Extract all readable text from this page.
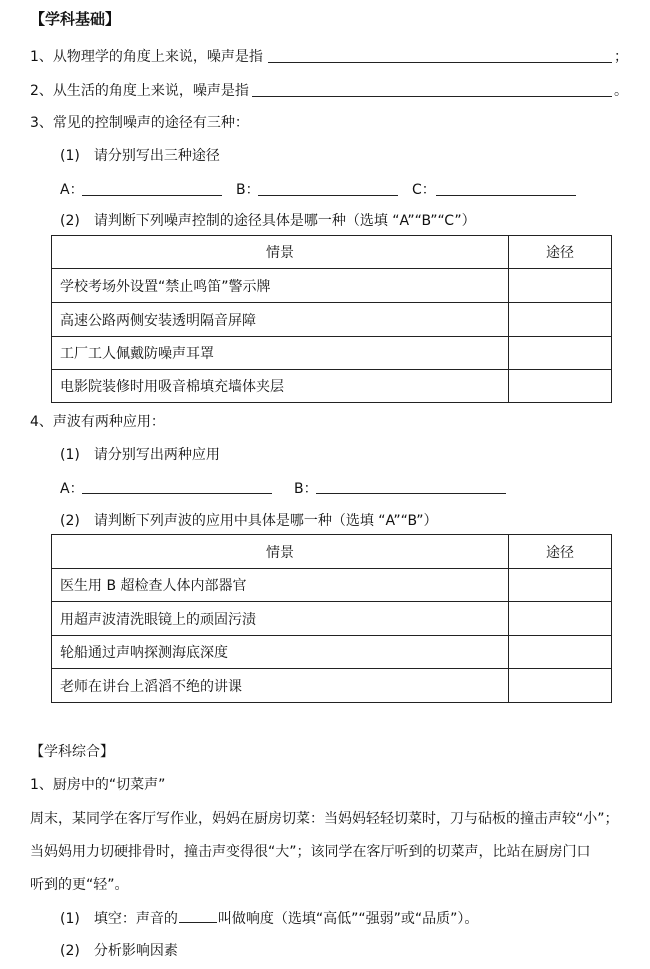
【学科基础】
1、从物理学的角度上来说，噪声是指	；
2、从生活的角度上来说，噪声是指	。
3、常见的控制噪声的途径有三种：
(1)　请分别写出三种途径
A：	B：	C：
(2)　请判断下列噪声控制的途径具体是哪一种（选填 “A”“B”“C”）
情景	途径
学校考场外设置“禁止鸣笛”警示牌	
高速公路两侧安装透明隔音屏障	
工厂工人佩戴防噪声耳罩	
电影院装修时用吸音棉填充墙体夹层	
4、声波有两种应用：
(1)　请分别写出两种应用
A：	B：
(2)　请判断下列声波的应用中具体是哪一种（选填 “A”“B”）
情景	途径
医生用 B 超检查人体内部器官	
用超声波清洗眼镜上的顽固污渍	
轮船通过声呐探测海底深度	
老师在讲台上滔滔不绝的讲课	
【学科综合】
1、厨房中的“切菜声”
周末，某同学在客厅写作业，妈妈在厨房切菜：当妈妈轻轻切菜时，刀与砧板的撞击声较“小”；
当妈妈用力切硬排骨时，撞击声变得很“大”；该同学在客厅听到的切菜声，比站在厨房门口
听到的更“轻”。
(1)　填空：声音的	叫做响度（选填“高低”“强弱”或“品质”）。
(2)　分析影响因素
